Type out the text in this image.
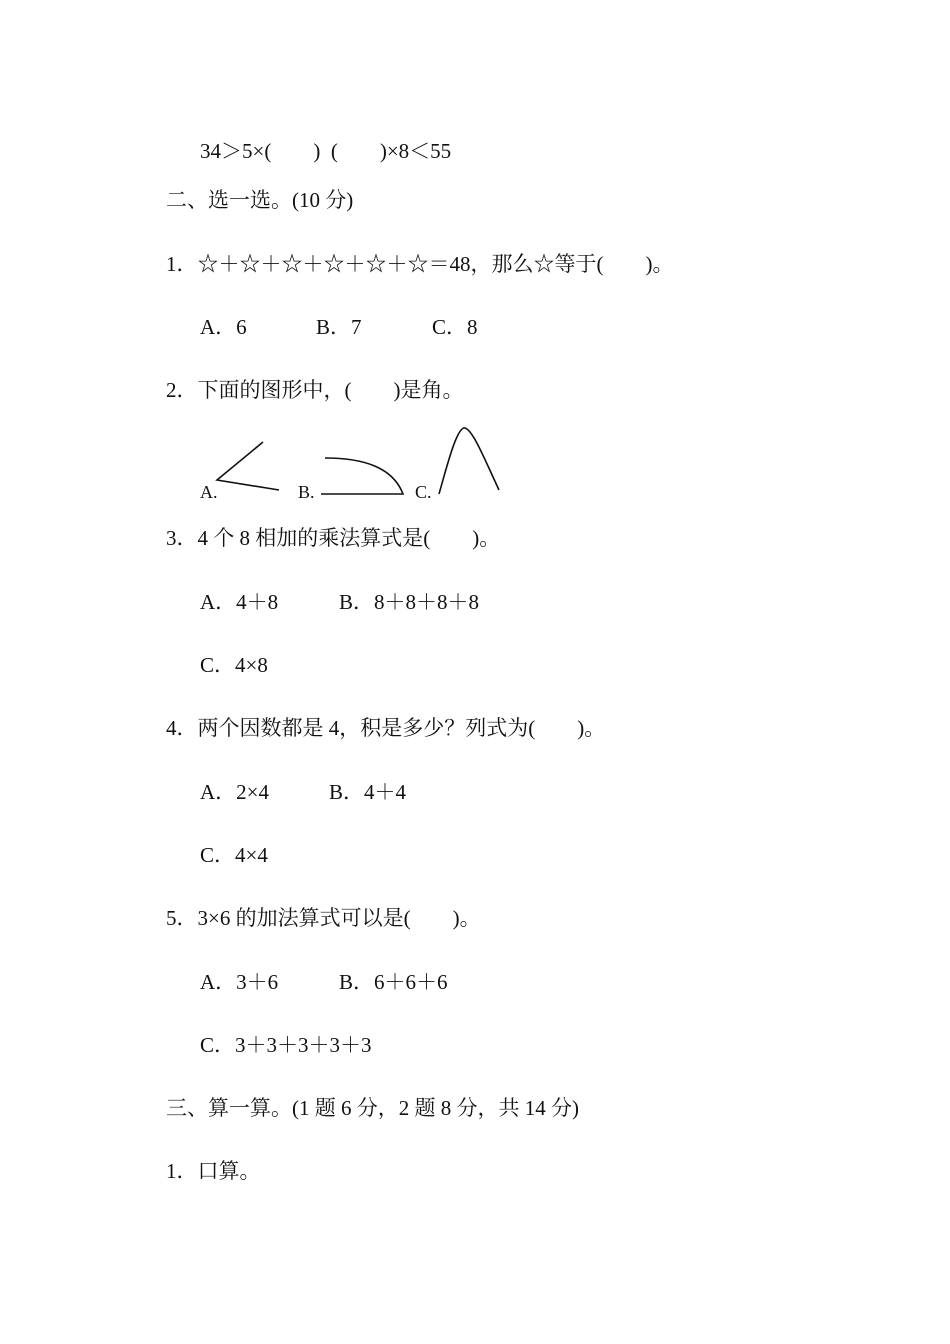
34＞5×(　　)  (　　)×8＜55
二、选一选。(10 分)
1．☆＋☆＋☆＋☆＋☆＋☆＝48，那么☆等于(　　)。
A．6	B．7	C．8
2．下面的图形中，(　　)是角。
A.	B.	C.
3．4 个 8 相加的乘法算式是(　　)。
A．4＋8	B．8＋8＋8＋8
C．4×8
4．两个因数都是 4，积是多少？列式为(　　)。
A．2×4	B．4＋4
C．4×4
5．3×6 的加法算式可以是(　　)。
A．3＋6	B．6＋6＋6
C．3＋3＋3＋3＋3
三、算一算。(1 题 6 分，2 题 8 分，共 14 分)
1．口算。
